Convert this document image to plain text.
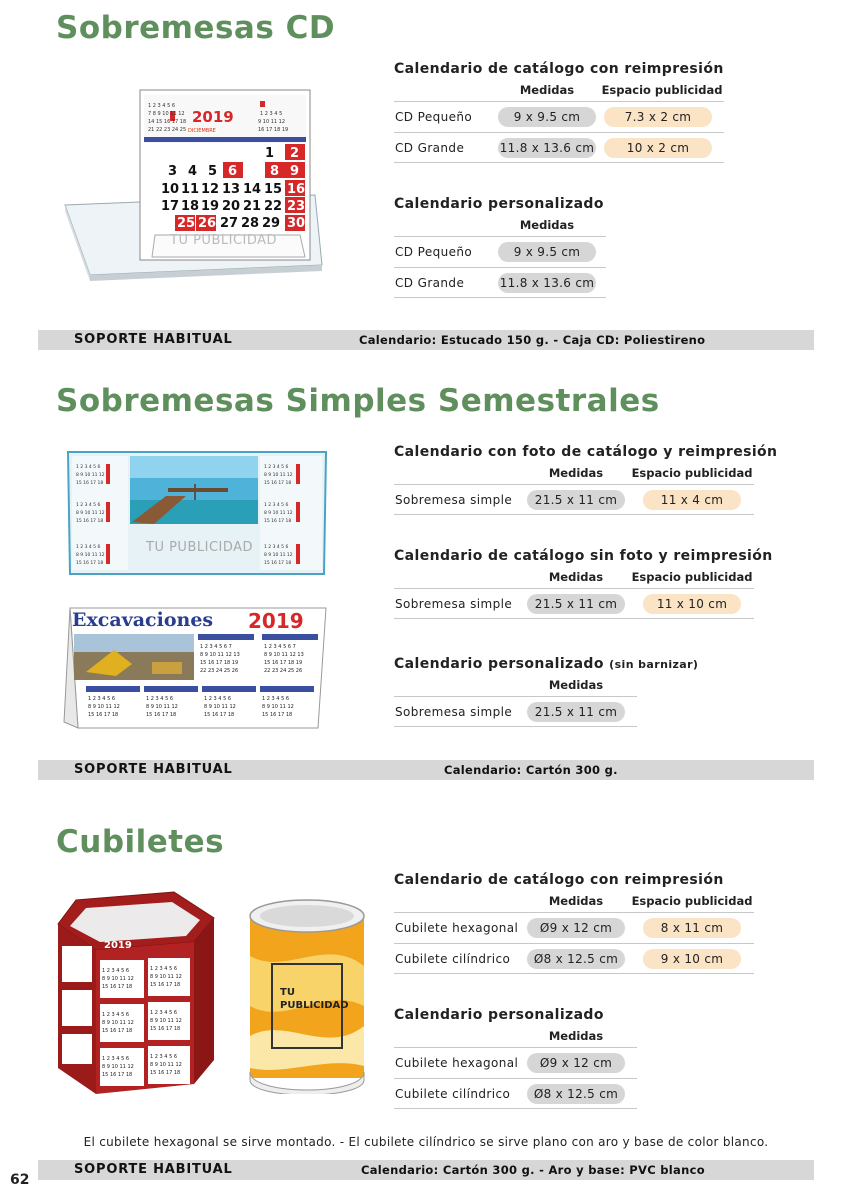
Sobremesas CD
1 2 3 4 5 6
7 8 9 10 11 12
14 15 16 17 18
21 22 23 24 25
1 2 3 4 5
9 10 11 12
16 17 18 19
3 4 5 6	8 9
10 11 12 13 14 15 16
17 18 19 20 21 22 23
25 26 27 28 29 30
1 2
2019
DICIEMBRE
TU PUBLICIDAD
Calendario de catálogo con reimpresión
Medidas Espacio publicidad
CD Pequeño	9 x 9.5 cm	7.3 x 2 cm
CD Grande	11.8 x 13.6 cm	10 x 2 cm
Calendario personalizado
Medidas
CD Pequeño	9 x 9.5 cm
CD Grande	11.8 x 13.6 cm
SOPORTE HABITUAL	Calendario: Estucado 150 g. - Caja CD: Poliestireno
Sobremesas Simples Semestrales
1 2 3 4 5 6
8 9 10 11 12
15 16 17 18
1 2 3 4 5 6
8 9 10 11 12
15 16 17 18
1 2 3 4 5 6
8 9 10 11 12
15 16 17 18
1 2 3 4 5 6
8 9 10 11 12
15 16 17 18
1 2 3 4 5 6
8 9 10 11 12
15 16 17 18
1 2 3 4 5 6
8 9 10 11 12
15 16 17 18
TU PUBLICIDAD
1 2 3 4 5 6 7
8 9 10 11 12 13
15 16 17 18 19
22 23 24 25 26
1 2 3 4 5 6 7
8 9 10 11 12 13
15 16 17 18 19
22 23 24 25 26
1 2 3 4 5 6
8 9 10 11 12
15 16 17 18
1 2 3 4 5 6
8 9 10 11 12
15 16 17 18
1 2 3 4 5 6
8 9 10 11 12
15 16 17 18
1 2 3 4 5 6
8 9 10 11 12
15 16 17 18
Excavaciones 2019
Calendario con foto de catálogo y reimpresión
Medidas Espacio publicidad
Sobremesa simple	21.5 x 11 cm	11 x 4 cm
Calendario de catálogo sin foto y reimpresión
Medidas Espacio publicidad
Sobremesa simple	21.5 x 11 cm	11 x 10 cm
Calendario personalizado (sin barnizar)
Medidas
Sobremesa simple	21.5 x 11 cm
SOPORTE HABITUAL	Calendario: Cartón 300 g.
Cubiletes
1 2 3 4 5 6
8 9 10 11 12
15 16 17 18
1 2 3 4 5 6
8 9 10 11 12
15 16 17 18
1 2 3 4 5 6
8 9 10 11 12
15 16 17 18
1 2 3 4 5 6
8 9 10 11 12
15 16 17 18
1 2 3 4 5 6
8 9 10 11 12
15 16 17 18
1 2 3 4 5 6
8 9 10 11 12
15 16 17 18
2019
TU
PUBLICIDAD
Calendario de catálogo con reimpresión
Medidas Espacio publicidad
Cubilete hexagonal	Ø9 x 12 cm	8 x 11 cm
Cubilete cilíndrico	Ø8 x 12.5 cm	9 x 10 cm
Calendario personalizado
Medidas
Cubilete hexagonal	Ø9 x 12 cm
Cubilete cilíndrico	Ø8 x 12.5 cm
El cubilete hexagonal se sirve montado. - El cubilete cilíndrico se sirve plano con aro y base de color blanco.
SOPORTE HABITUAL	Calendario: Cartón 300 g. - Aro y base: PVC blanco
62
